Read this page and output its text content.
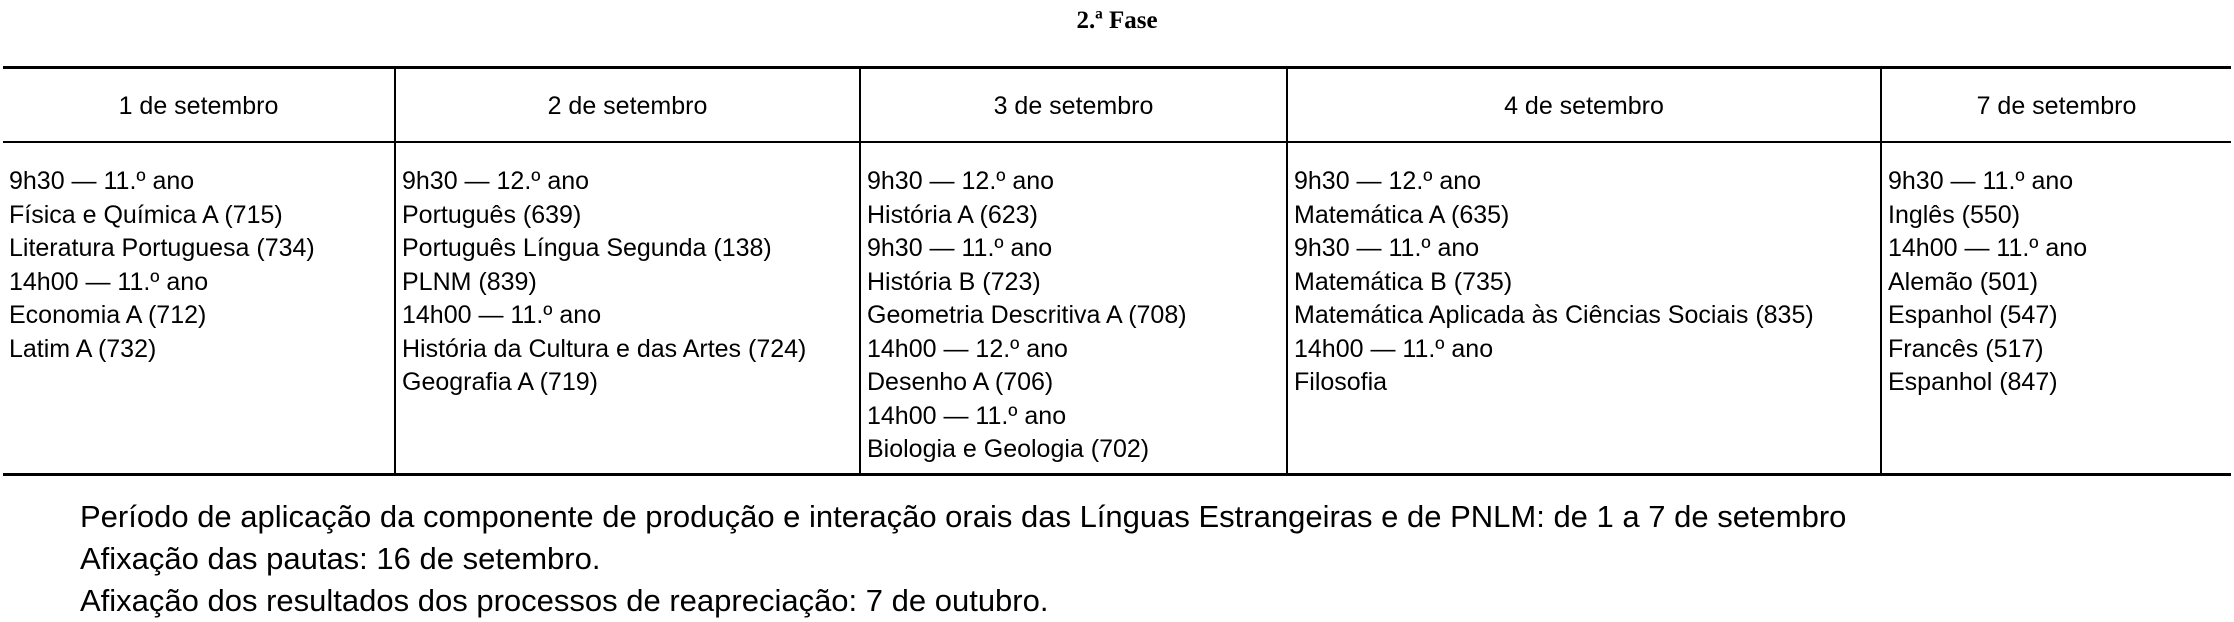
2.ª Fase
1 de setembro
9h30 — 11.º ano
Física e Química A (715)
Literatura Portuguesa (734)
14h00 — 11.º ano
Economia A (712)
Latim A (732)
2 de setembro
9h30 — 12.º ano
Português (639)
Português Língua Segunda (138)
PLNM (839)
14h00 — 11.º ano
História da Cultura e das Artes (724)
Geografia A (719)
3 de setembro
9h30 — 12.º ano
História A (623)
9h30 — 11.º ano
História B (723)
Geometria Descritiva A (708)
14h00 — 12.º ano
Desenho A (706)
14h00 — 11.º ano
Biologia e Geologia (702)
4 de setembro
9h30 — 12.º ano
Matemática A (635)
9h30 — 11.º ano
Matemática B (735)
Matemática Aplicada às Ciências Sociais (835)
14h00 — 11.º ano
Filosofia
7 de setembro
9h30 — 11.º ano
Inglês (550)
14h00 — 11.º ano
Alemão (501)
Espanhol (547)
Francês (517)
Espanhol (847)
Período de aplicação da componente de produção e interação orais das Línguas Estrangeiras e de PNLM: de 1 a 7 de setembro
Afixação das pautas: 16 de setembro.
Afixação dos resultados dos processos de reapreciação: 7 de outubro.
